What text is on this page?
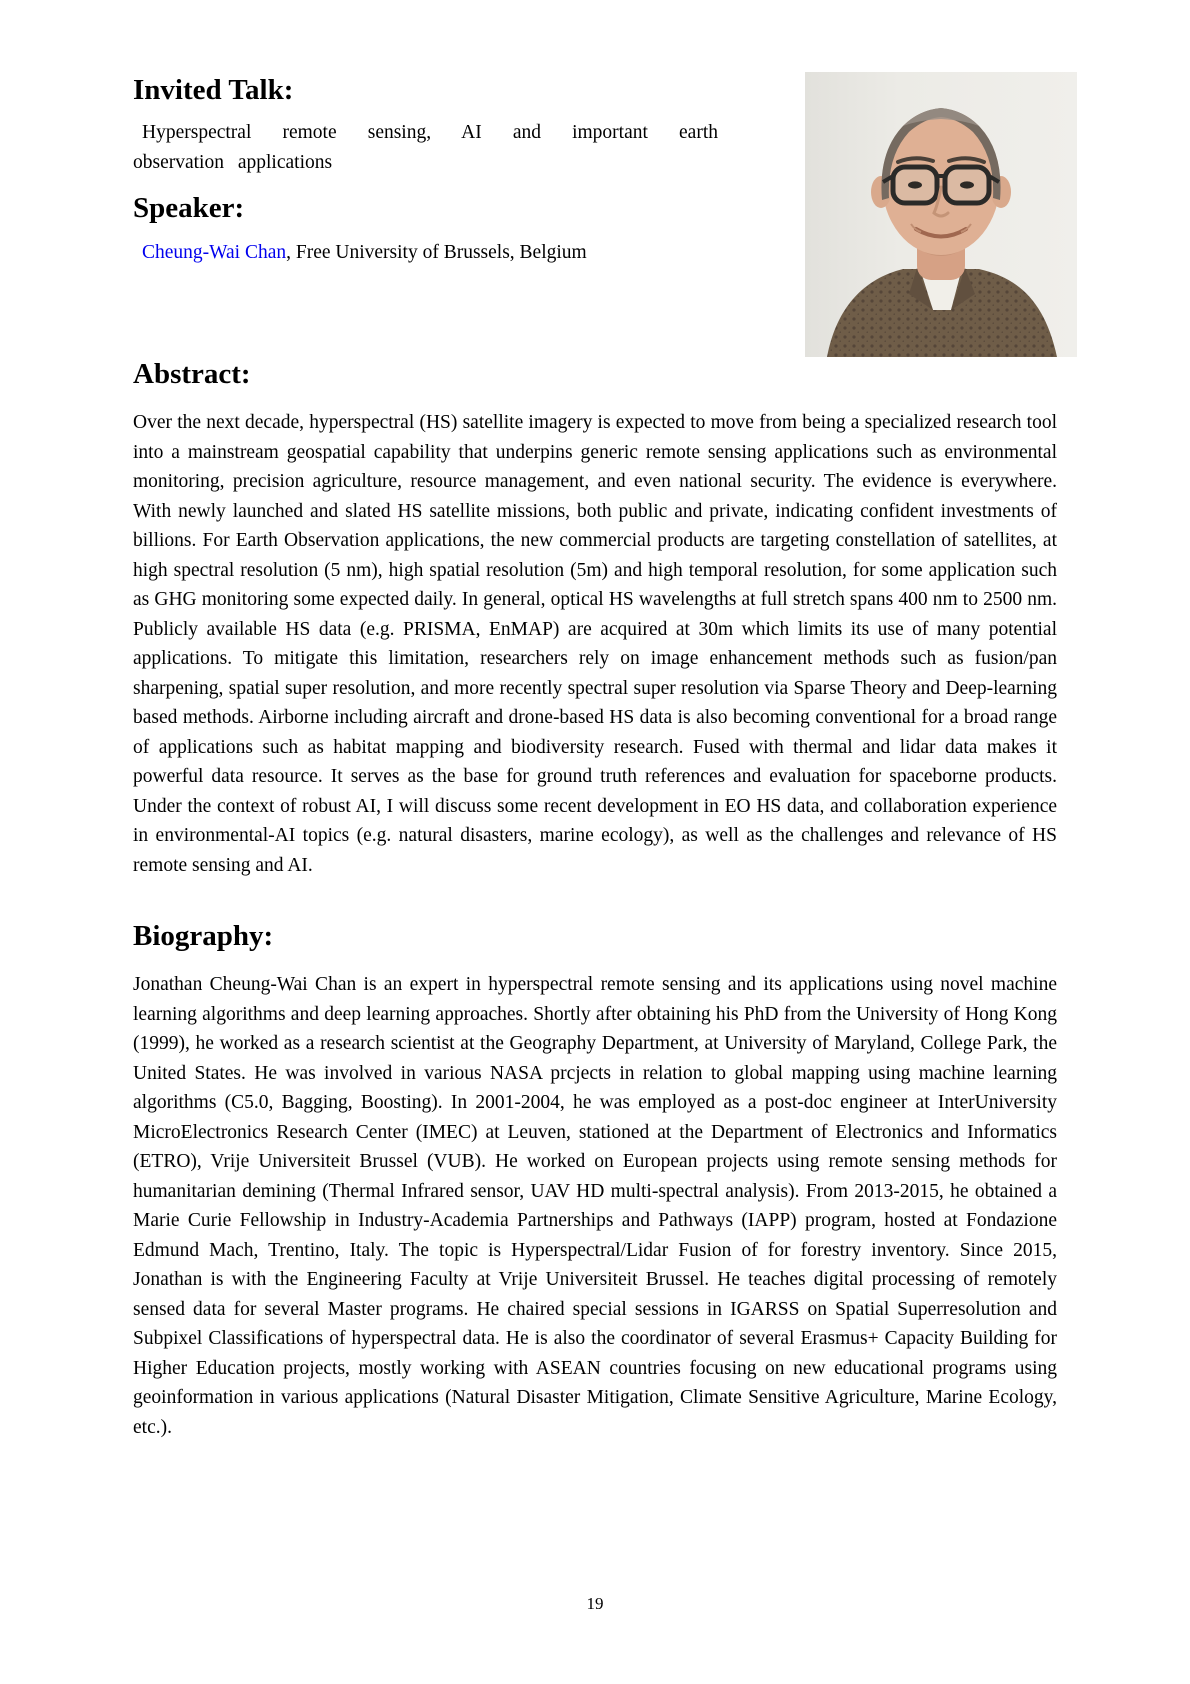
Invited Talk:

Hyperspectral remote sensing, AI and important earth observation applications

Speaker:

Cheung-Wai Chan, Free University of Brussels, Belgium

Abstract:

Over the next decade, hyperspectral (HS) satellite imagery is expected to move from being a specialized research tool into a mainstream geospatial capability that underpins generic remote sensing applications such as environmental monitoring, precision agriculture, resource management, and even national security. The evidence is everywhere. With newly launched and slated HS satellite missions, both public and private, indicating confident investments of billions. For Earth Observation applications, the new commercial products are targeting constellation of satellites, at high spectral resolution (5 nm), high spatial resolution (5m) and high temporal resolution, for some application such as GHG monitoring some expected daily. In general, optical HS wavelengths at full stretch spans 400 nm to 2500 nm. Publicly available HS data (e.g. PRISMA, EnMAP) are acquired at 30m which limits its use of many potential applications. To mitigate this limitation, researchers rely on image enhancement methods such as fusion/pan sharpening, spatial super resolution, and more recently spectral super resolution via Sparse Theory and Deep-learning based methods. Airborne including aircraft and drone-based HS data is also becoming conventional for a broad range of applications such as habitat mapping and biodiversity research. Fused with thermal and lidar data makes it powerful data resource. It serves as the base for ground truth references and evaluation for spaceborne products. Under the context of robust AI, I will discuss some recent development in EO HS data, and collaboration experience in environmental-AI topics (e.g. natural disasters, marine ecology), as well as the challenges and relevance of HS remote sensing and AI.

Biography:

Jonathan Cheung-Wai Chan is an expert in hyperspectral remote sensing and its applications using novel machine learning algorithms and deep learning approaches. Shortly after obtaining his PhD from the University of Hong Kong (1999), he worked as a research scientist at the Geography Department, at University of Maryland, College Park, the United States. He was involved in various NASA prcjects in relation to global mapping using machine learning algorithms (C5.0, Bagging, Boosting). In 2001-2004, he was employed as a post-doc engineer at InterUniversity MicroElectronics Research Center (IMEC) at Leuven, stationed at the Department of Electronics and Informatics (ETRO), Vrije Universiteit Brussel (VUB). He worked on European projects using remote sensing methods for humanitarian demining (Thermal Infrared sensor, UAV HD multi-spectral analysis). From 2013-2015, he obtained a Marie Curie Fellowship in Industry-Academia Partnerships and Pathways (IAPP) program, hosted at Fondazione Edmund Mach, Trentino, Italy. The topic is Hyperspectral/Lidar Fusion of for forestry inventory. Since 2015, Jonathan is with the Engineering Faculty at Vrije Universiteit Brussel. He teaches digital processing of remotely sensed data for several Master programs. He chaired special sessions in IGARSS on Spatial Superresolution and Subpixel Classifications of hyperspectral data. He is also the coordinator of several Erasmus+ Capacity Building for Higher Education projects, mostly working with ASEAN countries focusing on new educational programs using geoinformation in various applications (Natural Disaster Mitigation, Climate Sensitive Agriculture, Marine Ecology, etc.).

19
